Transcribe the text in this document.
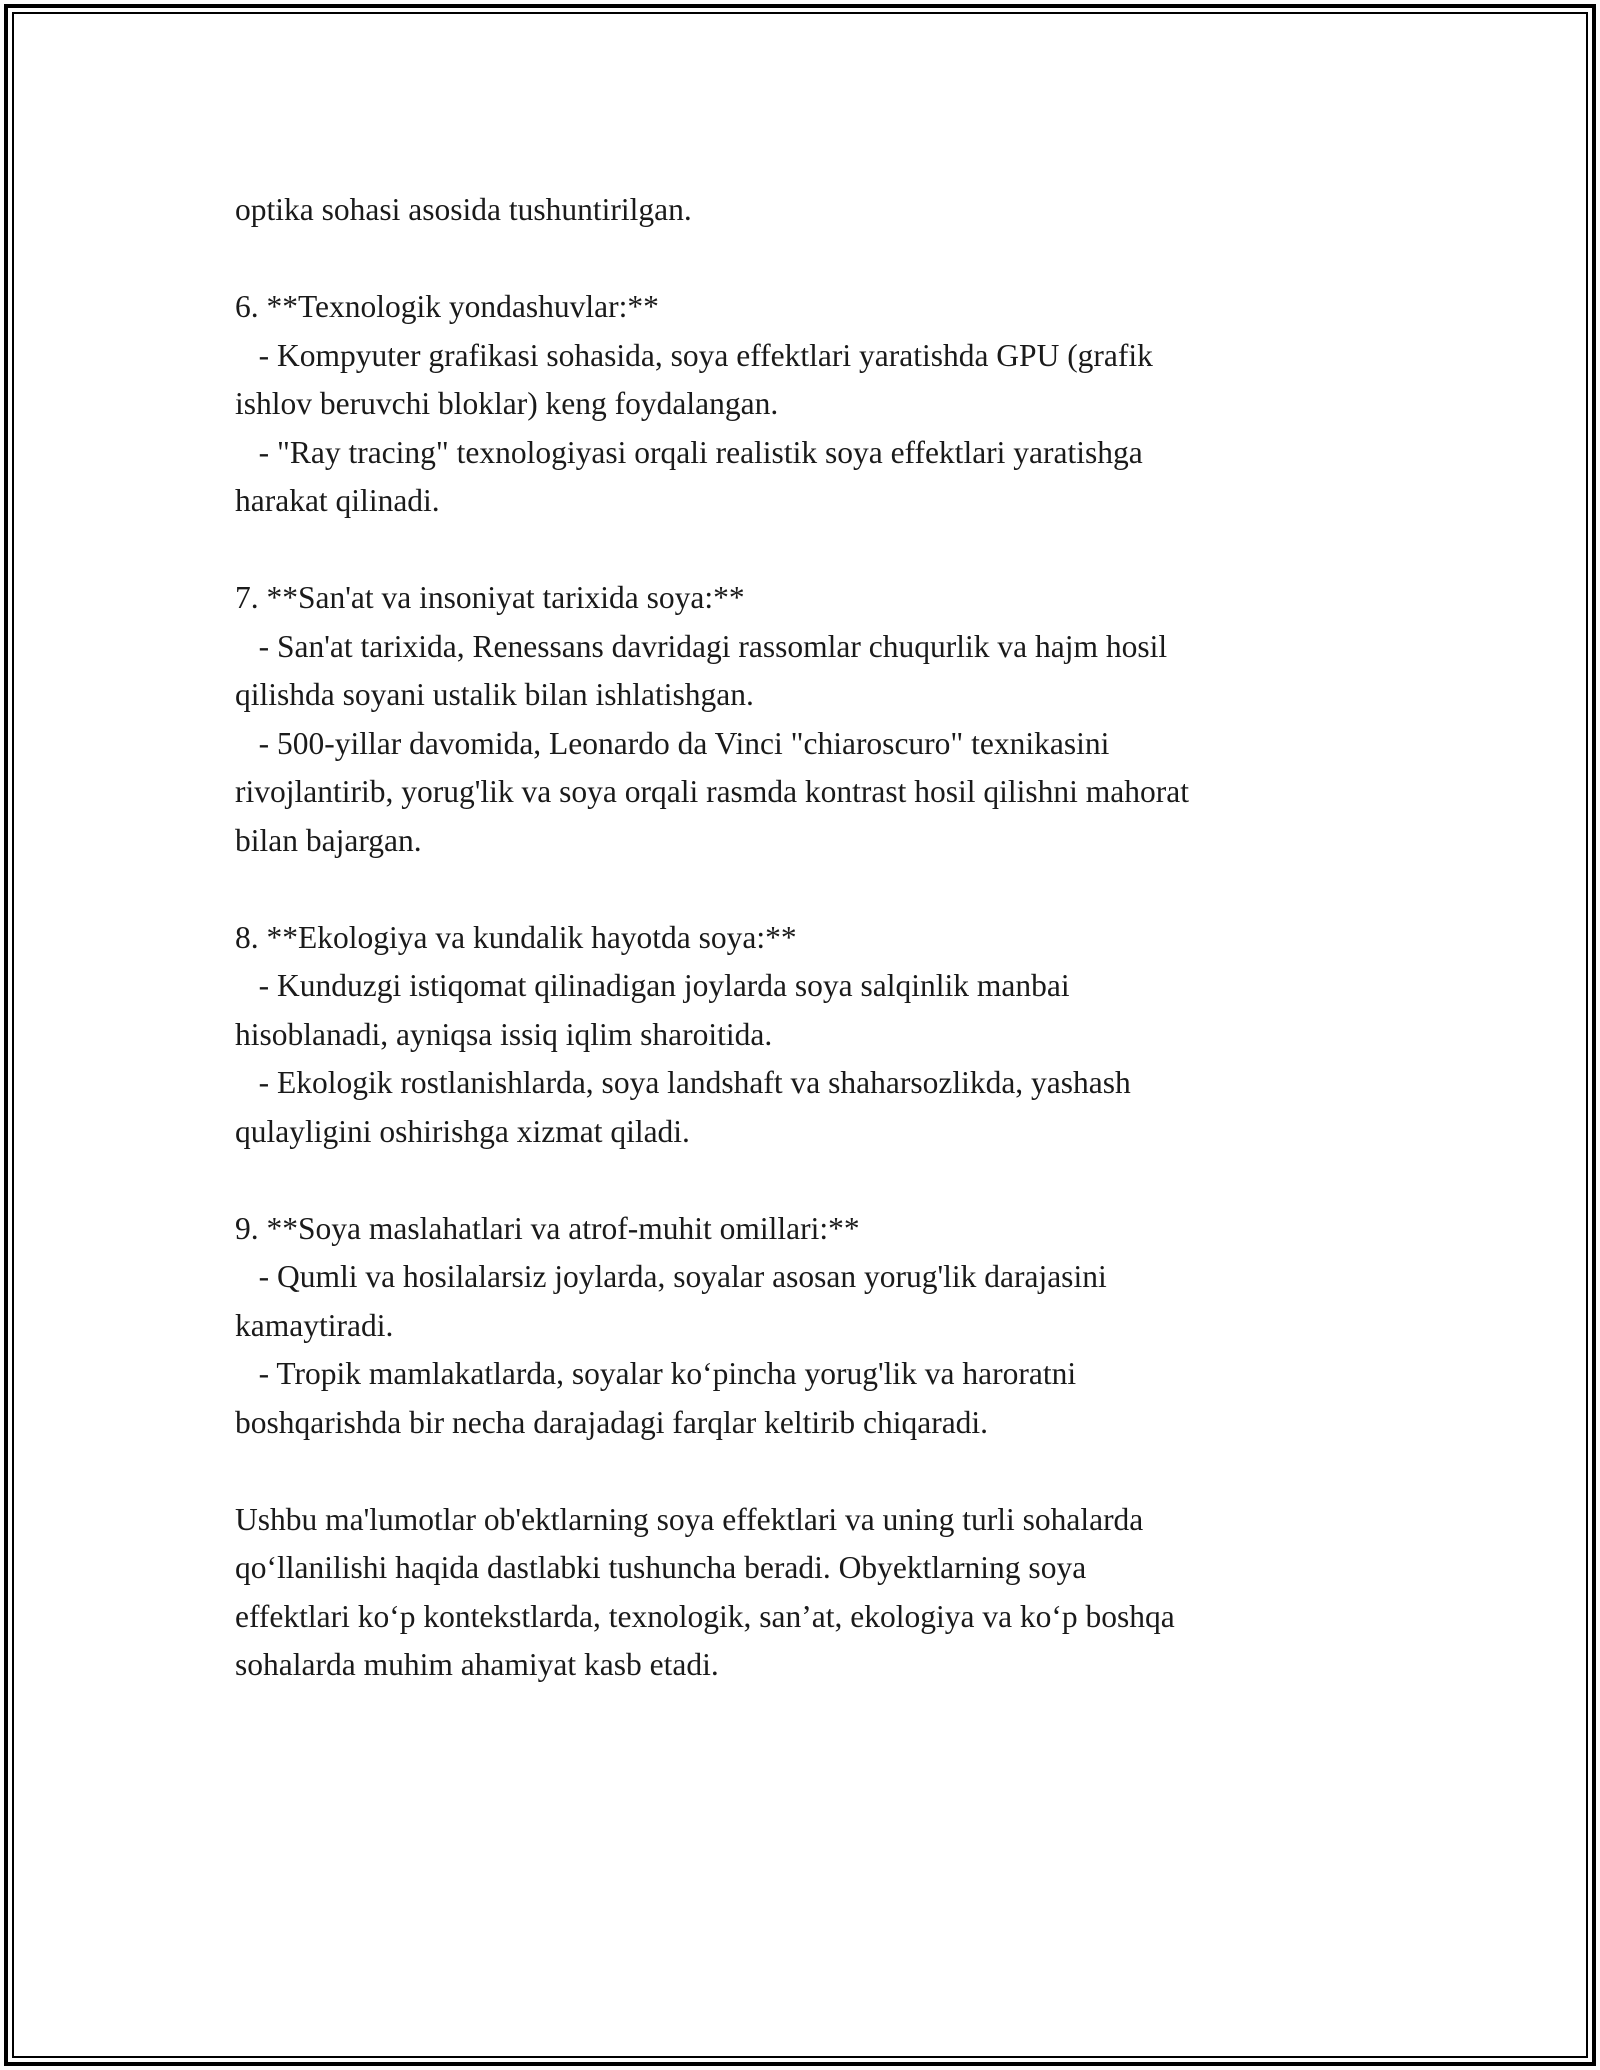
optika sohasi asosida tushuntirilgan.
6. **Texnologik yondashuvlar:**
- Kompyuter grafikasi sohasida, soya effektlari yaratishda GPU (grafik
ishlov beruvchi bloklar) keng foydalangan.
- "Ray tracing" texnologiyasi orqali realistik soya effektlari yaratishga
harakat qilinadi.
7. **San'at va insoniyat tarixida soya:**
- San'at tarixida, Renessans davridagi rassomlar chuqurlik va hajm hosil
qilishda soyani ustalik bilan ishlatishgan.
- 500-yillar davomida, Leonardo da Vinci "chiaroscuro" texnikasini
rivojlantirib, yorug'lik va soya orqali rasmda kontrast hosil qilishni mahorat
bilan bajargan.
8. **Ekologiya va kundalik hayotda soya:**
- Kunduzgi istiqomat qilinadigan joylarda soya salqinlik manbai
hisoblanadi, ayniqsa issiq iqlim sharoitida.
- Ekologik rostlanishlarda, soya landshaft va shaharsozlikda, yashash
qulayligini oshirishga xizmat qiladi.
9. **Soya maslahatlari va atrof-muhit omillari:**
- Qumli va hosilalarsiz joylarda, soyalar asosan yorug'lik darajasini
kamaytiradi.
- Tropik mamlakatlarda, soyalar ko‘pincha yorug'lik va haroratni
boshqarishda bir necha darajadagi farqlar keltirib chiqaradi.
Ushbu ma'lumotlar ob'ektlarning soya effektlari va uning turli sohalarda
qo‘llanilishi haqida dastlabki tushuncha beradi. Obyektlarning soya
effektlari ko‘p kontekstlarda, texnologik, san’at, ekologiya va ko‘p boshqa
sohalarda muhim ahamiyat kasb etadi.
